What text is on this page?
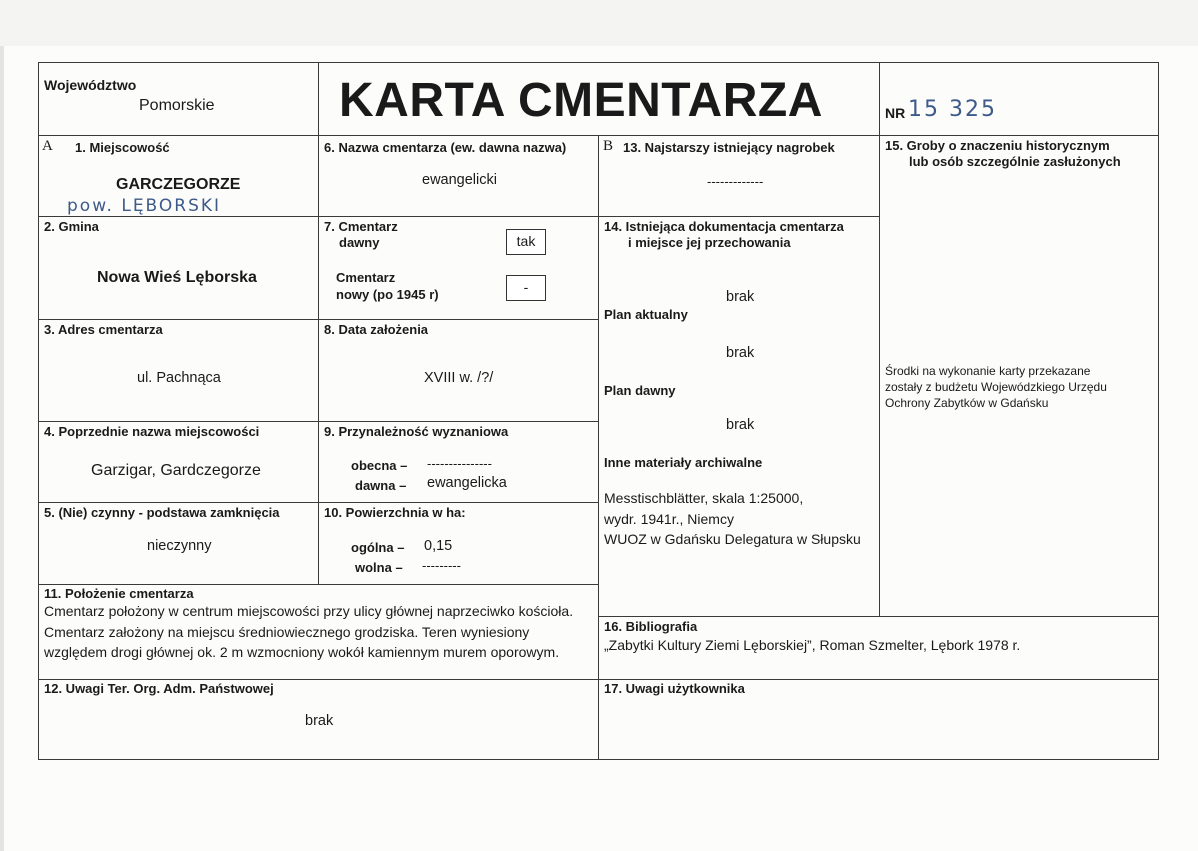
Województwo
Pomorskie	KARTA CMENTARZA	NR 15 325
A 1. Miejscowość
GARCZEGORZE
pow. LĘBORSKI
2. Gmina
Nowa Wieś Lęborska
3. Adres cmentarza
ul. Pachnąca
4. Poprzednie nazwa miejscowości
Garzigar, Gardczegorze
5. (Nie) czynny - podstawa zamknięcia
nieczynny
6. Nazwa cmentarza (ew. dawna nazwa)
ewangelicki
7. Cmentarz
dawny	tak
Cmentarz
nowy (po 1945 r)	-
8. Data założenia
XVIII w. /?/
9. Przynależność wyznaniowa
obecna – ---------------
dawna – ewangelicka
10. Powierzchnia w ha:
ogólna – 0,15
wolna – ---------
11. Położenie cmentarza
Cmentarz położony w centrum miejscowości przy ulicy głównej naprzeciwko kościoła.
Cmentarz założony na miejscu średniowiecznego grodziska. Teren wyniesiony
względem drogi głównej ok. 2 m wzmocniony wokół kamiennym murem oporowym.
12. Uwagi Ter. Org. Adm. Państwowej
brak
B 13. Najstarszy istniejący nagrobek
-------------
14. Istniejąca dokumentacja cmentarza
i miejsce jej przechowania
brak
Plan aktualny
brak
Plan dawny
brak
Inne materiały archiwalne
Messtischblätter, skala 1:25000,
wydr. 1941r., Niemcy
WUOZ w Gdańsku Delegatura w Słupsku
15. Groby o znaczeniu historycznym
lub osób szczególnie zasłużonych
Środki na wykonanie karty przekazane zostały z budżetu Wojewódzkiego Urzędu Ochrony Zabytków w Gdańsku
16. Bibliografia
„Zabytki Kultury Ziemi Lęborskiej”, Roman Szmelter, Lębork 1978 r.
17. Uwagi użytkownika
